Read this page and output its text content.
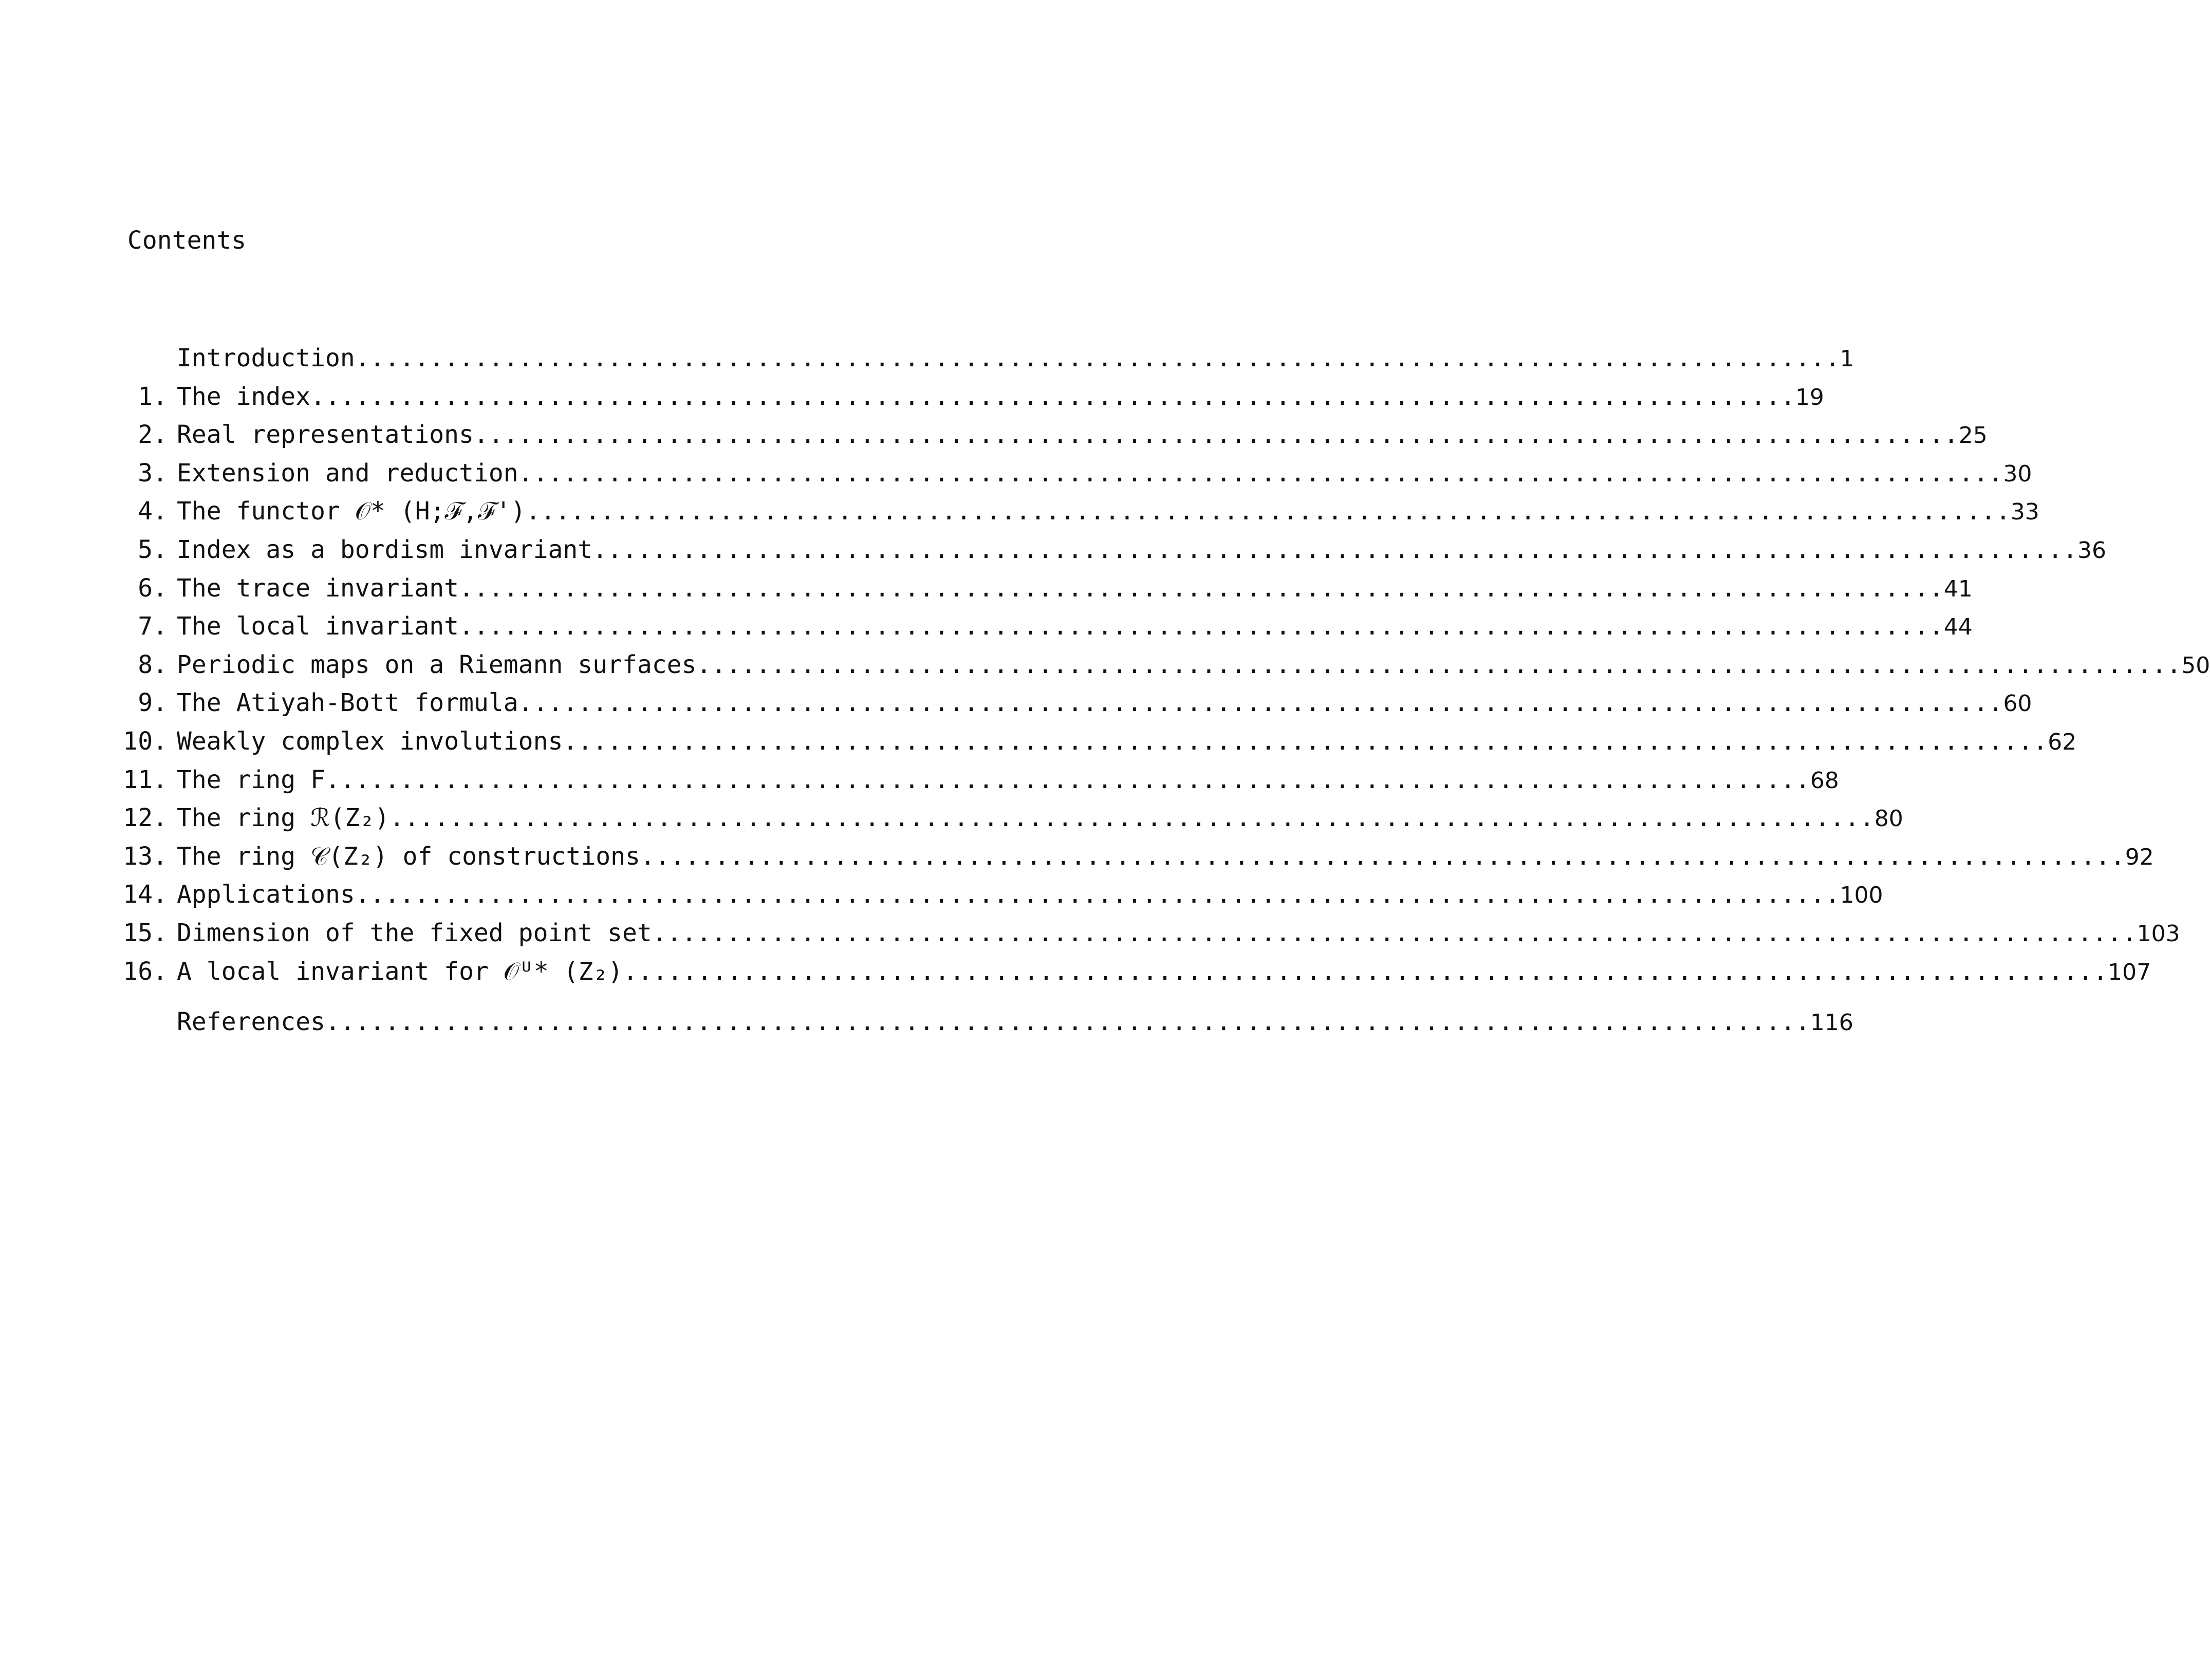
Contents
Introduction .................................................................................................... 1
1. The index .................................................................................................... 19
2. Real representations .................................................................................................... 25
3. Extension and reduction .................................................................................................... 30
4. The functor 𝒪* (H;ℱ,ℱ') .................................................................................................... 33
5. Index as a bordism invariant .................................................................................................... 36
6. The trace invariant .................................................................................................... 41
7. The local invariant .................................................................................................... 44
8. Periodic maps on a Riemann surfaces .................................................................................................... 50
9. The Atiyah-Bott formula .................................................................................................... 60
10. Weakly complex involutions .................................................................................................... 62
11. The ring F .................................................................................................... 68
12. The ring ℛ(Z₂) .................................................................................................... 80
13. The ring 𝒞(Z₂) of constructions .................................................................................................... 92
14. Applications .................................................................................................... 100
15. Dimension of the fixed point set .................................................................................................... 103
16. A local invariant for 𝒪ᵁ* (Z₂) .................................................................................................... 107
References .................................................................................................... 116
